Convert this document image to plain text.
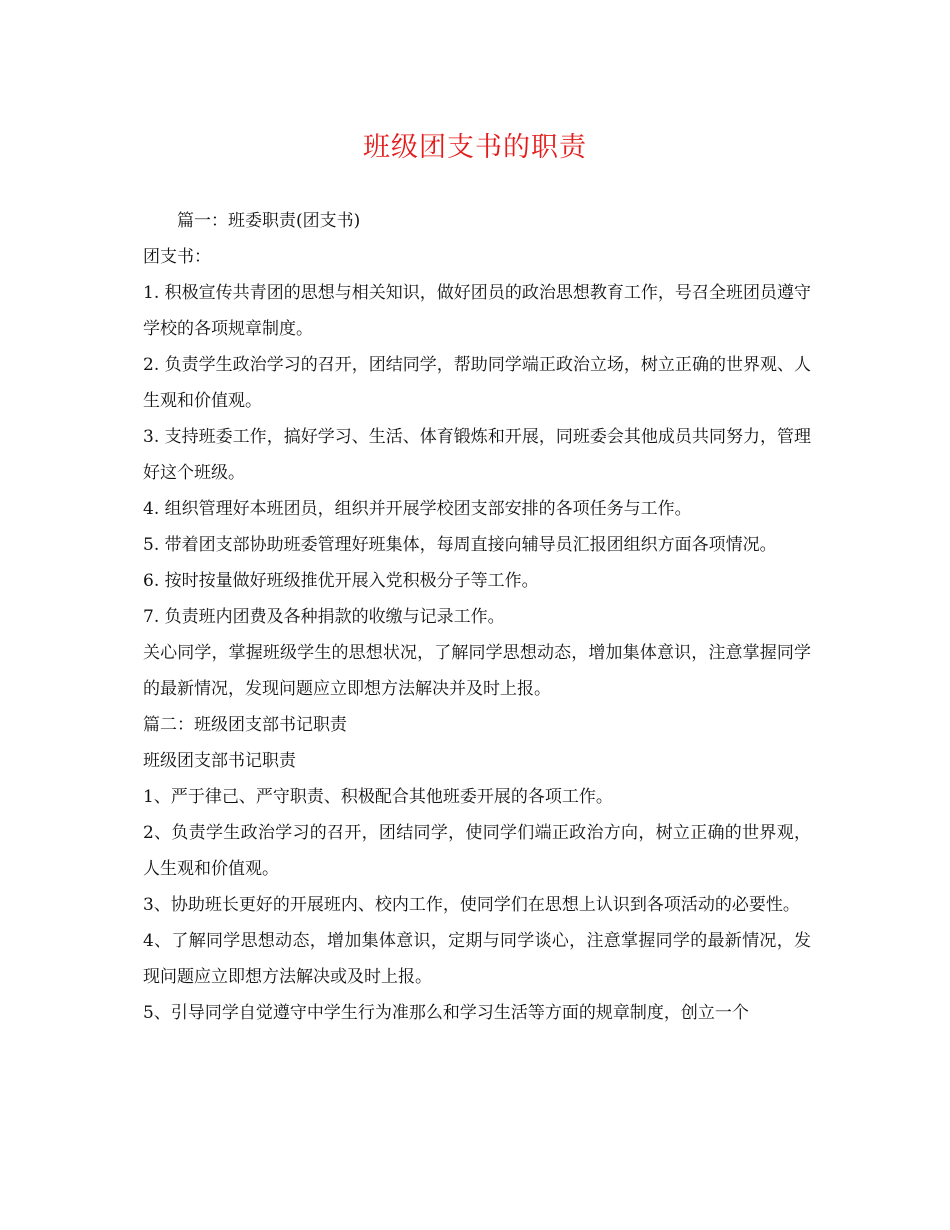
班级团支书的职责

篇一：班委职责(团支书)

团支书：

1. 积极宣传共青团的思想与相关知识，做好团员的政治思想教育工作，号召全班团员遵守学校的各项规章制度。

2. 负责学生政治学习的召开，团结同学，帮助同学端正政治立场，树立正确的世界观、人生观和价值观。

3. 支持班委工作，搞好学习、生活、体育锻炼和开展，同班委会其他成员共同努力，管理好这个班级。

4. 组织管理好本班团员，组织并开展学校团支部安排的各项任务与工作。

5. 带着团支部协助班委管理好班集体，每周直接向辅导员汇报团组织方面各项情况。

6. 按时按量做好班级推优开展入党积极分子等工作。

7. 负责班内团费及各种捐款的收缴与记录工作。

关心同学，掌握班级学生的思想状况，了解同学思想动态，增加集体意识，注意掌握同学的最新情况，发现问题应立即想方法解决并及时上报。

篇二：班级团支部书记职责

班级团支部书记职责

1、严于律己、严守职责、积极配合其他班委开展的各项工作。

2、负责学生政治学习的召开，团结同学，使同学们端正政治方向，树立正确的世界观，人生观和价值观。

3、协助班长更好的开展班内、校内工作，使同学们在思想上认识到各项活动的必要性。

4、了解同学思想动态，增加集体意识，定期与同学谈心，注意掌握同学的最新情况，发现问题应立即想方法解决或及时上报。

5、引导同学自觉遵守中学生行为准那么和学习生活等方面的规章制度，创立一个
